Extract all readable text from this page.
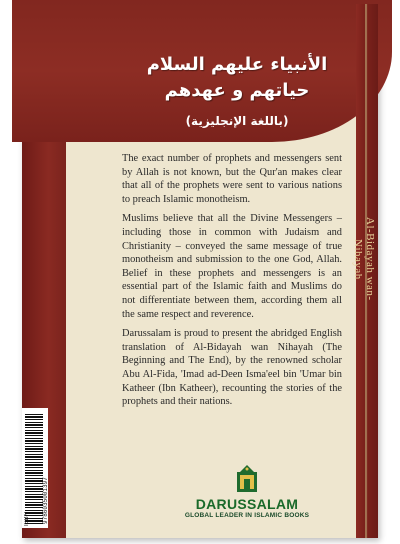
Al-Bidayah wan-Nihayah
الأنبياء عليهم السلام
حياتهم و عهدهم
(باللغة الإنجليزية)

The exact number of prophets and messengers sent by Allah is not known, but the Qur'an makes clear that all of the prophets were sent to various nations to preach Islamic monotheism.

Muslims believe that all the Divine Messengers – including those in common with Judaism and Christianity – conveyed the same message of true monotheism and submission to the one God, Allah. Belief in these prophets and messengers is an essential part of the Islamic faith and Muslims do not differentiate between them, according them all the same respect and reverence.

Darussalam is proud to present the abridged English translation of Al-Bidayah wan Nihayah (The Beginning and The End), by the renowned scholar Abu Al-Fida, 'Imad ad-Deen Isma'eel bin 'Umar bin Katheer (Ibn Katheer), recounting the stories of the prophets and their nations.

9786035001397
ISBN
DARUSSALAM
GLOBAL LEADER IN ISLAMIC BOOKS
